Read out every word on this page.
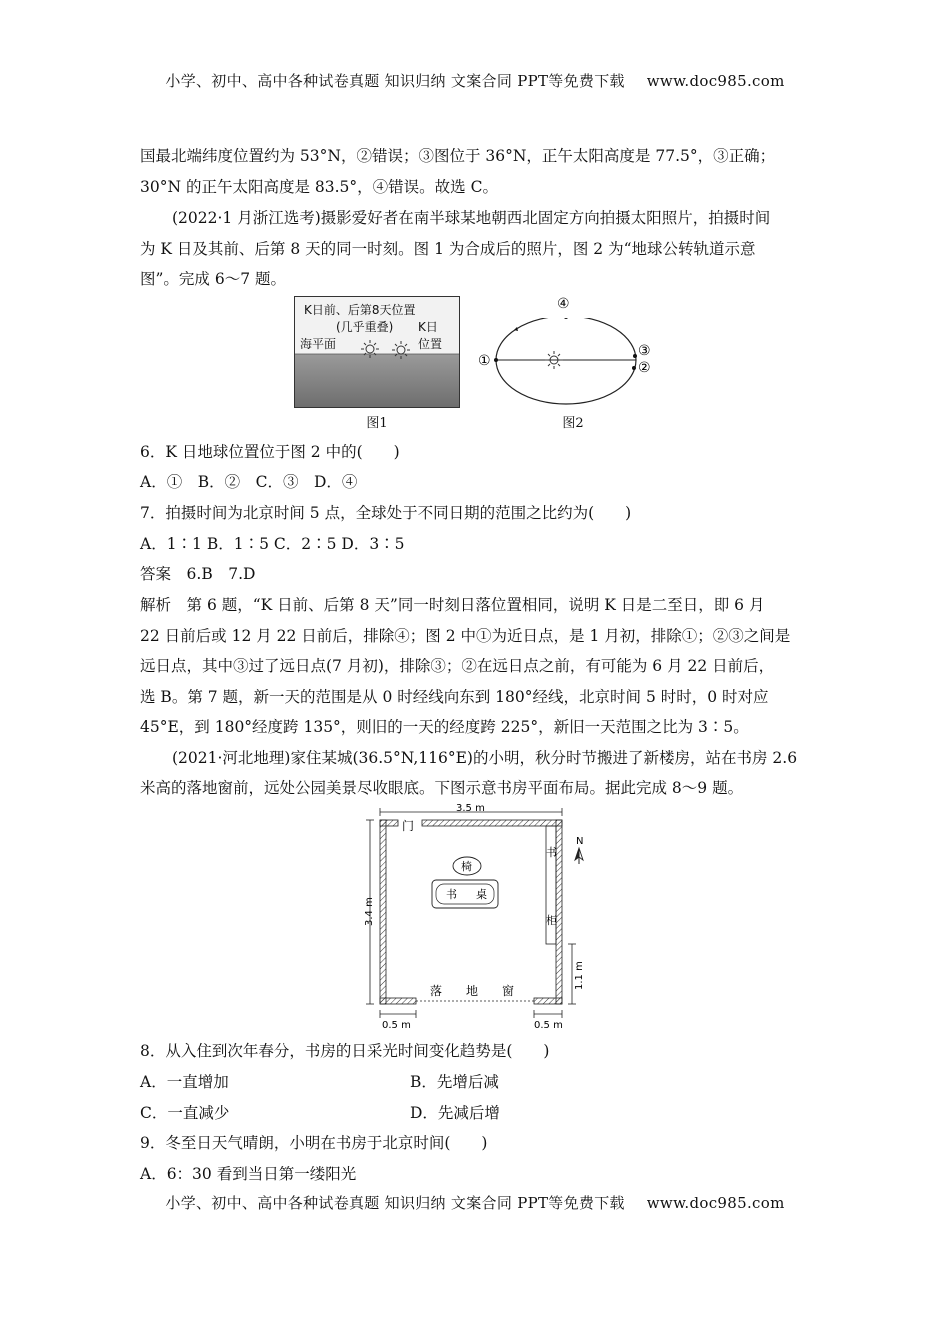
小学、初中、高中各种试卷真题 知识归纳 文案合同 PPT等免费下载 www.doc985.com
国最北端纬度位置约为 53°N，②错误；③图位于 36°N，正午太阳高度是 77.5°，③正确；
30°N 的正午太阳高度是 83.5°，④错误。故选 C。
(2022·1 月浙江选考)摄影爱好者在南半球某地朝西北固定方向拍摄太阳照片，拍摄时间
为 K 日及其前、后第 8 天的同一时刻。图 1 为合成后的照片，图 2 为“地球公转轨道示意
图”。完成 6～7 题。
K日前、后第8天位置
(几乎重叠) K日
位置
海平面
图1
①
③
②
④
图2
6．K 日地球位置位于图 2 中的(　　)
A．①　B．②　C．③　D．④
7．拍摄时间为北京时间 5 点，全球处于不同日期的范围之比约为(　　)
A．1∶1 B．1∶5 C．2∶5 D．3∶5
答案　 6.B　7.D
解析　 第 6 题，“K 日前、后第 8 天”同一时刻日落位置相同，说明 K 日是二至日，即 6 月
22 日前后或 12 月 22 日前后，排除④；图 2 中①为近日点，是 1 月初，排除①；②③之间是
远日点，其中③过了远日点(7 月初)，排除③；②在远日点之前，有可能为 6 月 22 日前后，
选 B。第 7 题，新一天的范围是从 0 时经线向东到 180°经线，北京时间 5 时时，0 时对应
45°E，到 180°经度跨 135°，则旧的一天的经度跨 225°，新旧一天范围之比为 3∶5。
(2021·河北地理)家住某城(36.5°N,116°E)的小明，秋分时节搬进了新楼房，站在书房 2.6
米高的落地窗前，远处公园美景尽收眼底。下图示意书房平面布局。据此完成 8～9 题。
3.5 m
3.4 m
落　　地　　窗
门
书
柜
椅
书 桌
N
1.1 m
0.5 m	0.5 m
8．从入住到次年春分，书房的日采光时间变化趋势是(　　)
A．一直增加	B．先增后减
C．一直减少	D．先减后增
9．冬至日天气晴朗，小明在书房于北京时间(　　)
A．6：30 看到当日第一缕阳光
小学、初中、高中各种试卷真题 知识归纳 文案合同 PPT等免费下载 www.doc985.com
